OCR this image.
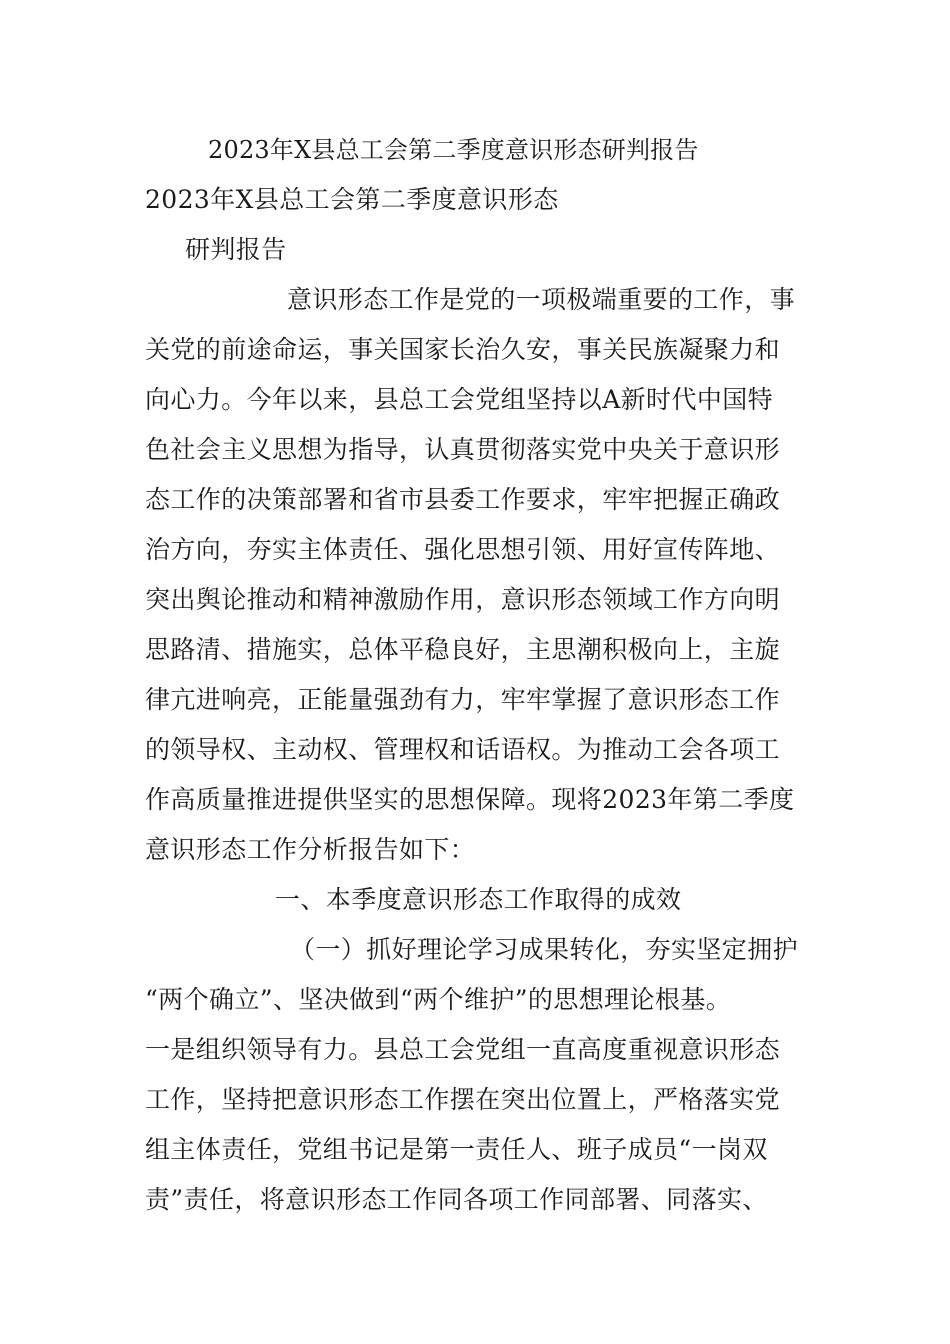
2023年X县总工会第二季度意识形态研判报告
2023年X县总工会第二季度意识形态
研判报告
意识形态工作是党的一项极端重要的工作，事
关党的前途命运，事关国家长治久安，事关民族凝聚力和
向心力。今年以来，县总工会党组坚持以A新时代中国特
色社会主义思想为指导，认真贯彻落实党中央关于意识形
态工作的决策部署和省市县委工作要求，牢牢把握正确政
治方向，夯实主体责任、强化思想引领、用好宣传阵地、
突出舆论推动和精神激励作用，意识形态领域工作方向明
思路清、措施实，总体平稳良好，主思潮积极向上，主旋
律亢进响亮，正能量强劲有力，牢牢掌握了意识形态工作
的领导权、主动权、管理权和话语权。为推动工会各项工
作高质量推进提供坚实的思想保障。现将2023年第二季度
意识形态工作分析报告如下：
一、本季度意识形态工作取得的成效
（一）抓好理论学习成果转化，夯实坚定拥护
“两个确立”、坚决做到“两个维护”的思想理论根基。
一是组织领导有力。县总工会党组一直高度重视意识形态
工作，坚持把意识形态工作摆在突出位置上，严格落实党
组主体责任，党组书记是第一责任人、班子成员“一岗双
责”责任，将意识形态工作同各项工作同部署、同落实、
